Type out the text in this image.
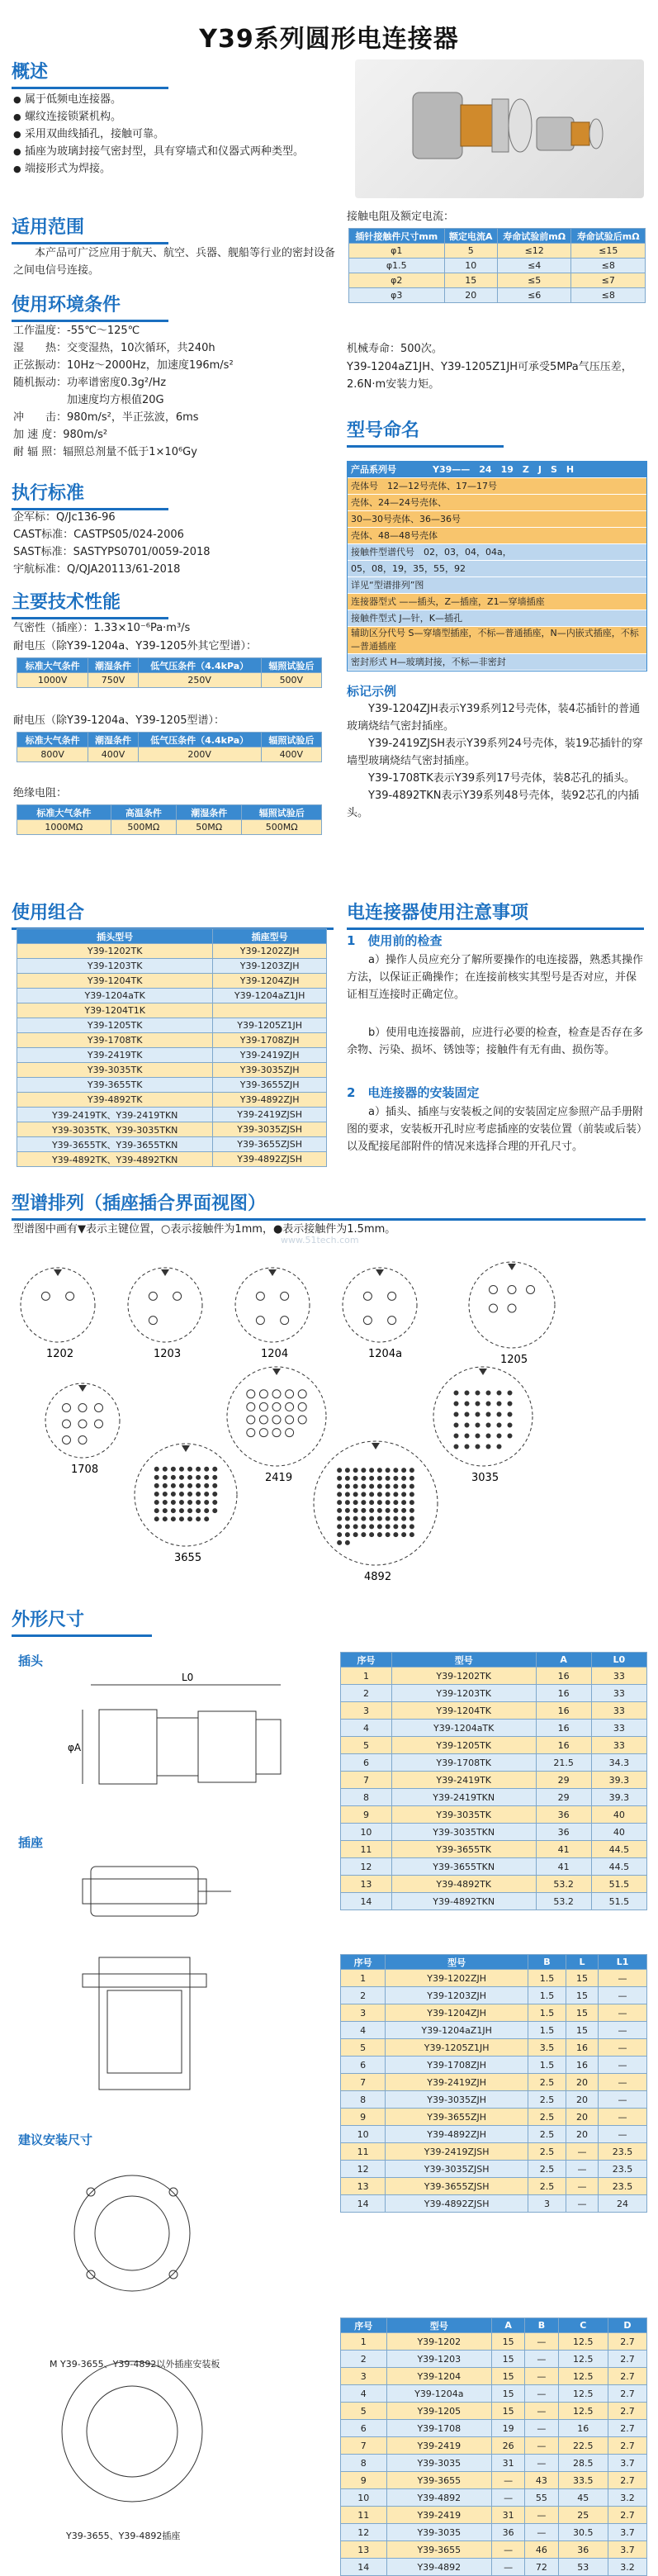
Y39系列圆形电连接器
概述
● 属于低频电连接器。
● 螺纹连接锁紧机构。
● 采用双曲线插孔，接触可靠。
● 插座为玻璃封接气密封型，具有穿墙式和仪器式两种类型。
● 端接形式为焊接。
适用范围
本产品可广泛应用于航天、航空、兵器、舰船等行业的密封设备之间电信号连接。
使用环境条件
工作温度：-55℃～125℃
湿　　热：交变湿热，10次循环，共240h
正弦振动：10Hz～2000Hz，加速度196m/s²
随机振动：功率谱密度0.3g²/Hz
　　　　　加速度均方根值20G
冲　　击：980m/s²，半正弦波，6ms
加 速 度：980m/s²
耐 辐 照：辐照总剂量不低于1×10⁶Gy
执行标准
企军标：Q/Jc136-96
CAST标准：CASTPS05/024-2006
SAST标准：SASTYPS0701/0059-2018
宇航标准：Q/QJA20113/61-2018
主要技术性能
气密性（插座）：1.33×10⁻⁶Pa·m³/s
耐电压（除Y39-1204a、Y39-1205外其它型谱）：
标准大气条件	潮湿条件	低气压条件（4.4kPa）	辐照试验后
1000V	750V	250V	500V
耐电压（除Y39-1204a、Y39-1205型谱）：
标准大气条件	潮湿条件	低气压条件（4.4kPa）	辐照试验后
800V	400V	200V	400V
绝缘电阻：
标准大气条件	高温条件	潮湿条件	辐照试验后
1000MΩ	500MΩ	50MΩ	500MΩ
接触电阻及额定电流：
插针接触件尺寸mm	额定电流A	寿命试验前mΩ	寿命试验后mΩ
φ1	5	≤12	≤15
φ1.5	10	≤4	≤8
φ2	15	≤5	≤7
φ3	20	≤6	≤8
机械寿命：500次。
Y39-1204aZ1JH、Y39-1205Z1JH可承受5MPa气压压差，2.6N·m安装力矩。
型号命名
产品系列号　　　　Y39——　24　19　Z　J　S　H
壳体号　12—12号壳体、17—17号
壳体、24—24号壳体、
30—30号壳体、36—36号
壳体、48—48号壳体
接触件型谱代号　02，03，04，04a，
05，08，19，35，55，92
详见“型谱排列”图
连接器型式 ——插头，Z—插座，Z1—穿墙插座
接触件型式 J—针，K—插孔
辅助区分代号 S—穿墙型插座，不标—普通插座，N—内嵌式插座，不标—普通插座
密封形式 H—玻璃封接，不标—非密封
标记示例
Y39-1204ZJH表示Y39系列12号壳体，装4芯插针的普通玻璃烧结气密封插座。
Y39-2419ZJSH表示Y39系列24号壳体，装19芯插针的穿墙型玻璃烧结气密封插座。
Y39-1708TK表示Y39系列17号壳体，装8芯孔的插头。
Y39-4892TKN表示Y39系列48号壳体，装92芯孔的内插头。
使用组合
插头型号	插座型号
Y39-1202TK	Y39-1202ZJH
Y39-1203TK	Y39-1203ZJH
Y39-1204TK	Y39-1204ZJH
Y39-1204aTK	Y39-1204aZ1JH
Y39-1204T1K	
Y39-1205TK	Y39-1205Z1JH
Y39-1708TK	Y39-1708ZJH
Y39-2419TK	Y39-2419ZJH
Y39-3035TK	Y39-3035ZJH
Y39-3655TK	Y39-3655ZJH
Y39-4892TK	Y39-4892ZJH
Y39-2419TK、Y39-2419TKN	Y39-2419ZJSH
Y39-3035TK、Y39-3035TKN	Y39-3035ZJSH
Y39-3655TK、Y39-3655TKN	Y39-3655ZJSH
Y39-4892TK、Y39-4892TKN	Y39-4892ZJSH
电连接器使用注意事项
1　使用前的检查
a）操作人员应充分了解所要操作的电连接器，熟悉其操作方法，以保证正确操作；在连接前核实其型号是否对应，并保证相互连接时正确定位。
b）使用电连接器前，应进行必要的检查，检查是否存在多余物、污染、损坏、锈蚀等；接触件有无有曲、损伤等。
2　电连接器的安装固定
a）插头、插座与安装板之间的安装固定应参照产品手册附图的要求，安装板开孔时应考虑插座的安装位置（前装或后装）以及配接尾部附件的情况来选择合理的开孔尺寸。
型谱排列（插座插合界面视图）
型谱图中画有▼表示主键位置，○表示接触件为1mm，●表示接触件为1.5mm。
www.51tech.com
1202	1203	1204	1204a	1205
1708
2419	3035
3655
4892
外形尺寸
插头
L0
φA
插座
建议安装尺寸
M Y39-3655、Y39-4892以外插座安装板
Y39-3655、Y39-4892插座
序号	型号	A	L0
1	Y39-1202TK	16	33
2	Y39-1203TK	16	33
3	Y39-1204TK	16	33
4	Y39-1204aTK	16	33
5	Y39-1205TK	16	33
6	Y39-1708TK	21.5	34.3
7	Y39-2419TK	29	39.3
8	Y39-2419TKN	29	39.3
9	Y39-3035TK	36	40
10	Y39-3035TKN	36	40
11	Y39-3655TK	41	44.5
12	Y39-3655TKN	41	44.5
13	Y39-4892TK	53.2	51.5
14	Y39-4892TKN	53.2	51.5
序号	型号	B	L	L1
1	Y39-1202ZJH	1.5	15	—
2	Y39-1203ZJH	1.5	15	—
3	Y39-1204ZJH	1.5	15	—
4	Y39-1204aZ1JH	1.5	15	—
5	Y39-1205Z1JH	3.5	16	—
6	Y39-1708ZJH	1.5	16	—
7	Y39-2419ZJH	2.5	20	—
8	Y39-3035ZJH	2.5	20	—
9	Y39-3655ZJH	2.5	20	—
10	Y39-4892ZJH	2.5	20	—
11	Y39-2419ZJSH	2.5	—	23.5
12	Y39-3035ZJSH	2.5	—	23.5
13	Y39-3655ZJSH	2.5	—	23.5
14	Y39-4892ZJSH	3	—	24
序号	型号	A	B	C	D
1	Y39-1202	15	—	12.5	2.7
2	Y39-1203	15	—	12.5	2.7
3	Y39-1204	15	—	12.5	2.7
4	Y39-1204a	15	—	12.5	2.7
5	Y39-1205	15	—	12.5	2.7
6	Y39-1708	19	—	16	2.7
7	Y39-2419	26	—	22.5	2.7
8	Y39-3035	31	—	28.5	3.7
9	Y39-3655	—	43	33.5	2.7
10	Y39-4892	—	55	45	3.2
11	Y39-2419	31	—	25	2.7
12	Y39-3035	36	—	30.5	3.7
13	Y39-3655	—	46	36	3.7
14	Y39-4892	—	72	53	3.2
